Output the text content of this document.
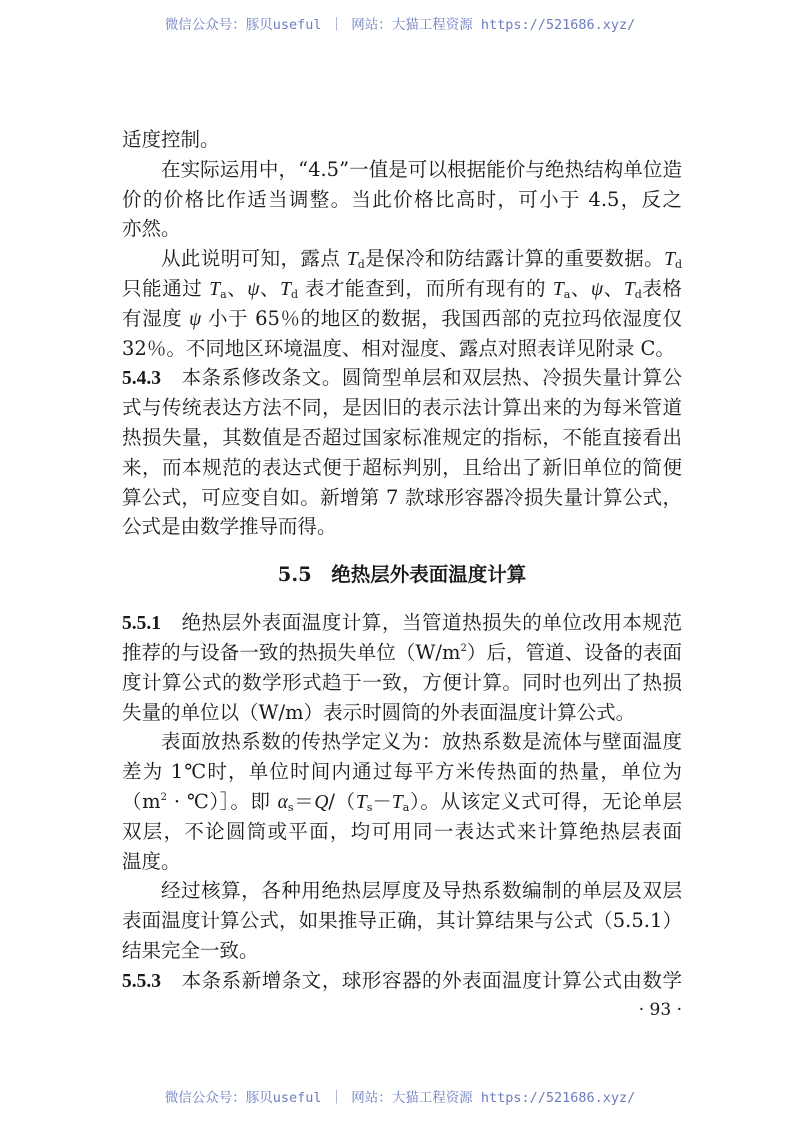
微信公众号：豚贝useful ｜ 网站：大猫工程资源 https://521686.xyz/
适度控制。
在实际运用中，“4.5”一值是可以根据能价与绝热结构单位造
价的价格比作适当调整。当此价格比高时，可小于 4.5，反之
亦然。
从此说明可知，露点 $T_d$是保冷和防结露计算的重要数据。$T_d$
只能通过 $T_a$、ψ、$T_d$ 表才能查到，而所有现有的 $T_a$、ψ、$T_d$表格
有湿度 ψ 小于 65％的地区的数据，我国西部的克拉玛依湿度仅
32％。不同地区环境温度、相对湿度、露点对照表详见附录 C。
5.4.3　本条系修改条文。圆筒型单层和双层热、冷损失量计算公
式与传统表达方法不同，是因旧的表示法计算出来的为每米管道
热损失量，其数值是否超过国家标准规定的指标，不能直接看出
来，而本规范的表达式便于超标判别，且给出了新旧单位的简便
算公式，可应变自如。新增第 7 款球形容器冷损失量计算公式，
公式是由数学推导而得。
5.5　绝热层外表面温度计算
5.5.1　绝热层外表面温度计算，当管道热损失的单位改用本规范
推荐的与设备一致的热损失单位$(W/m^2)$后，管道、设备的表面
度计算公式的数学形式趋于一致，方便计算。同时也列出了热损
失量的单位以（W/m）表示时圆筒的外表面温度计算公式。
表面放热系数的传热学定义为：放热系数是流体与壁面温度
差为 1℃时，单位时间内通过每平方米传热面的热量，单位为
（$m^2$ · ℃）］。即 $\alpha_s=Q/(T_s-T_a)$。从该定义式可得，无论单层
双层，不论圆筒或平面，均可用同一表达式来计算绝热层表面
温度。
经过核算，各种用绝热层厚度及导热系数编制的单层及双层
表面温度计算公式，如果推导正确，其计算结果与公式（5.5.1）
结果完全一致。
5.5.3　本条系新增条文，球形容器的外表面温度计算公式由数学
· 93 ·
微信公众号：豚贝useful ｜ 网站：大猫工程资源 https://521686.xyz/
